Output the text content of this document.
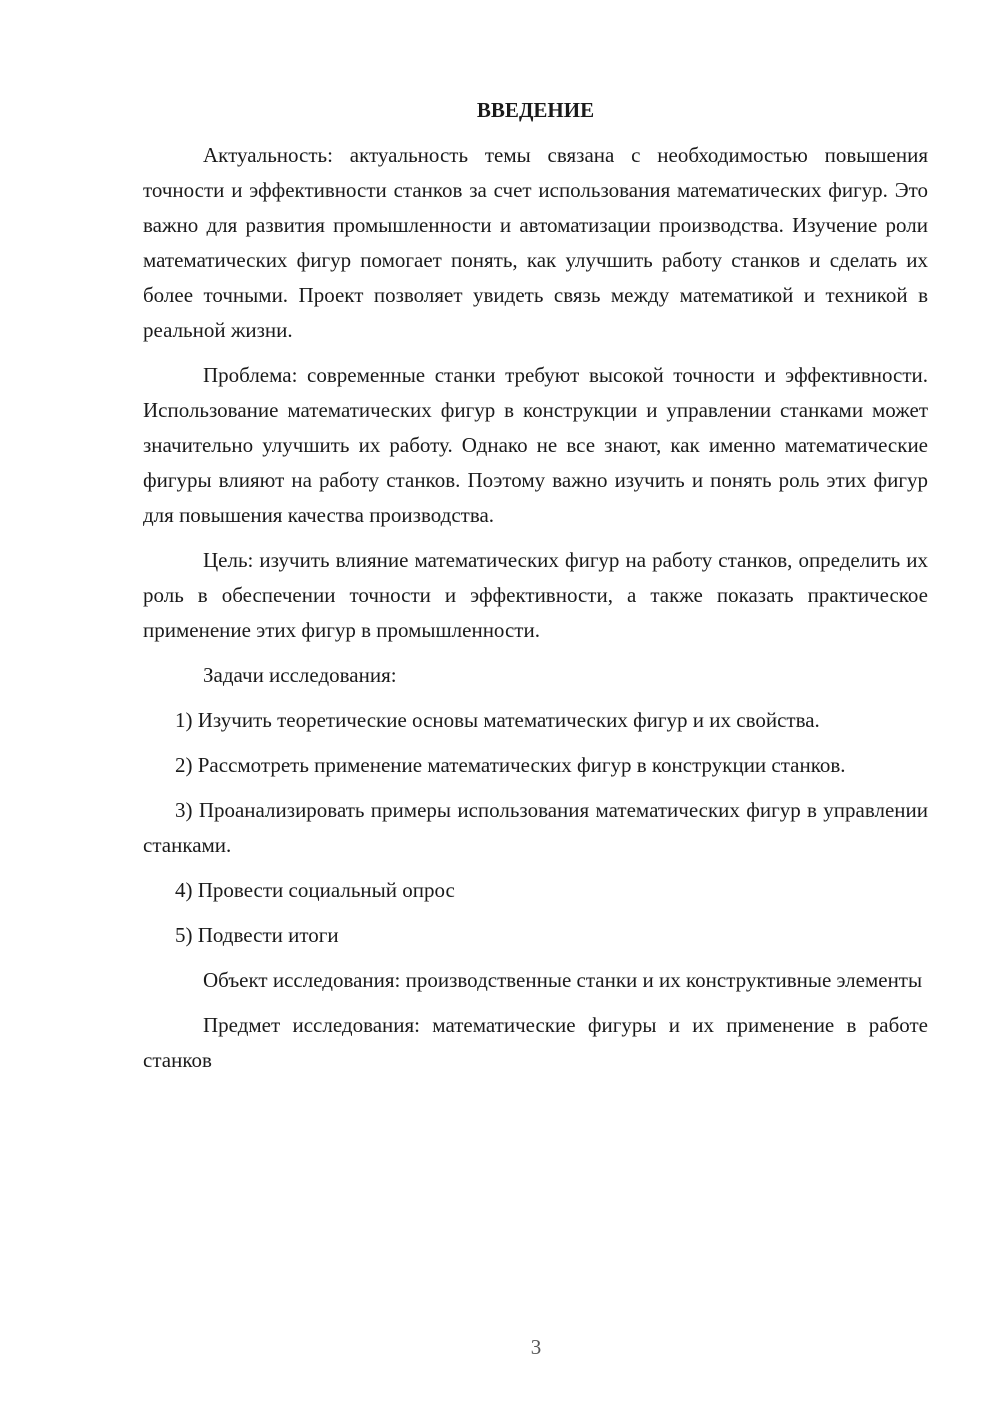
ВВЕДЕНИЕ

Актуальность: актуальность темы связана с необходимостью повышения точности и эффективности станков за счет использования математических фигур. Это важно для развития промышленности и автоматизации производства. Изучение роли математических фигур помогает понять, как улучшить работу станков и сделать их более точными. Проект позволяет увидеть связь между математикой и техникой в реальной жизни.

Проблема: современные станки требуют высокой точности и эффективности. Использование математических фигур в конструкции и управлении станками может значительно улучшить их работу. Однако не все знают, как именно математические фигуры влияют на работу станков. Поэтому важно изучить и понять роль этих фигур для повышения качества производства.

Цель: изучить влияние математических фигур на работу станков, определить их роль в обеспечении точности и эффективности, а также показать практическое применение этих фигур в промышленности.

Задачи исследования:

1) Изучить теоретические основы математических фигур и их свойства.

2) Рассмотреть применение математических фигур в конструкции станков.

3) Проанализировать примеры использования математических фигур в управлении станками.

4) Провести социальный опрос

5) Подвести итоги

Объект исследования: производственные станки и их конструктивные элементы

Предмет исследования: математические фигуры и их применение в работе станков

3
